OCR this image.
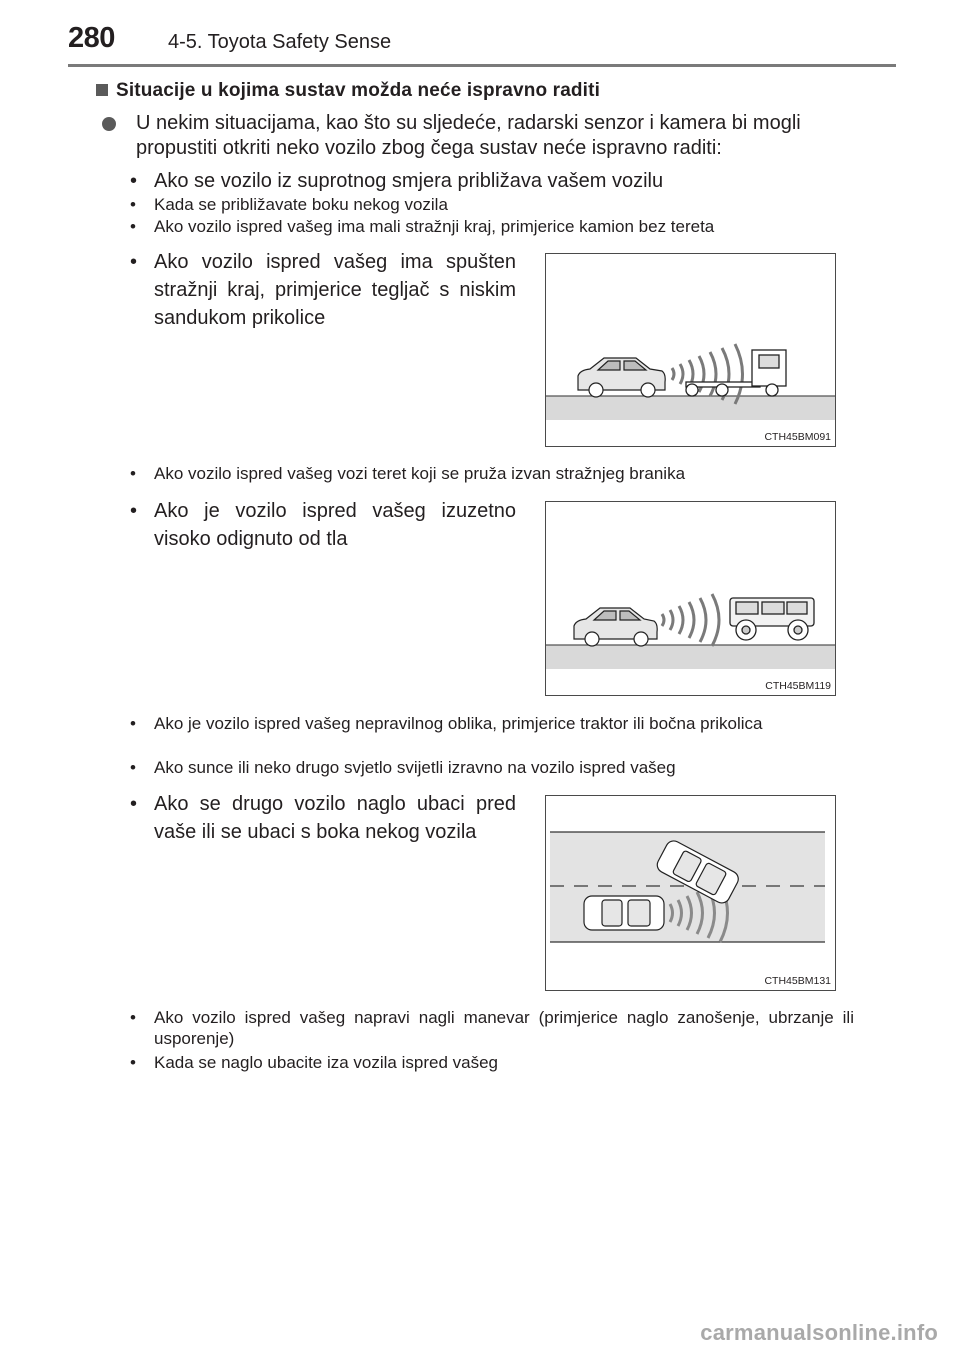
280	4-5. Toyota Safety Sense
Situacije u kojima sustav možda neće ispravno raditi
U nekim situacijama, kao što su sljedeće, radarski senzor i kamera bi mogli propustiti otkriti neko vozilo zbog čega sustav neće ispravno raditi:
• Ako se vozilo iz suprotnog smjera približava vašem vozilu
• Kada se približavate boku nekog vozila
• Ako vozilo ispred vašeg ima mali stražnji kraj, primjerice kamion bez tereta
• Ako vozilo ispred vašeg ima spušten stražnji kraj, primjerice tegljač s niskim sandukom prikolice
CTH45BM091
• Ako vozilo ispred vašeg vozi teret koji se pruža izvan stražnjeg branika
• Ako je vozilo ispred vašeg izuzetno visoko odignuto od tla
CTH45BM119
• Ako je vozilo ispred vašeg nepravilnog oblika, primjerice traktor ili bočna prikolica
• Ako sunce ili neko drugo svjetlo svijetli izravno na vozilo ispred vašeg
• Ako se drugo vozilo naglo ubaci pred vaše ili se ubaci s boka nekog vozila
CTH45BM131
• Ako vozilo ispred vašeg napravi nagli manevar (primjerice naglo zanošenje, ubrzanje ili usporenje)
• Kada se naglo ubacite iza vozila ispred vašeg
carmanualsonline.info
